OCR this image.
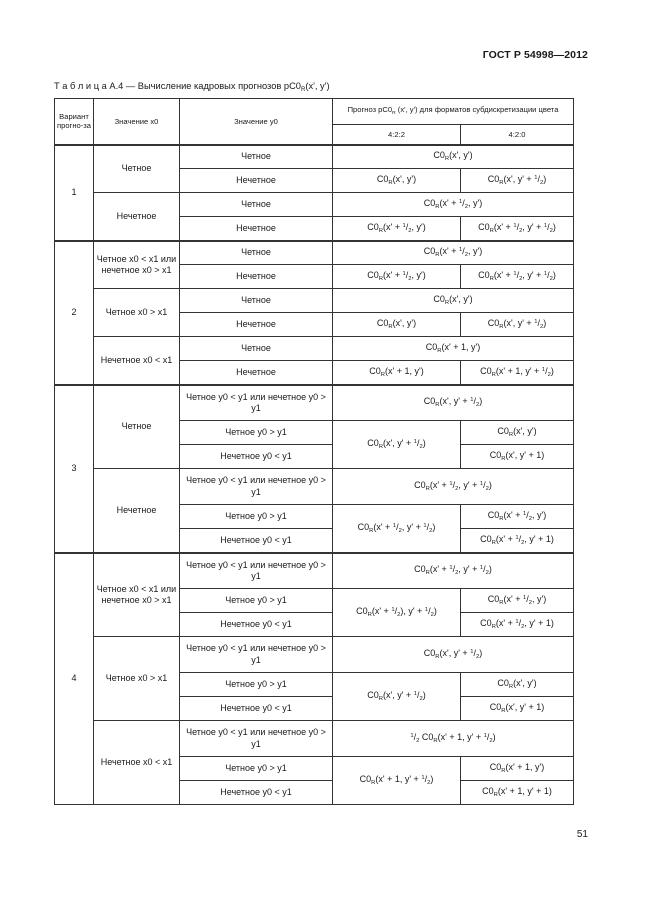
ГОСТ Р 54998—2012
Т а б л и ц а А.4 — Вычисление кадровых прогнозов $pC0_R(x'$, y')
Вариант прогно-за	Значение x0	Значение y0	Прогноз $pC0_R$ (x', y') для форматов субдискретизации цвета	
			4:2:2	4:2:0
1	Четное	Четное	$C0_R(x'$, y')	
		Нечетное	$C0_R(x'$, y')	$C0_R(x'$, $y' + ^1/_2$)
	Нечетное	Четное	$C0_R(x' + ^1/_2$, y')	
		Нечетное	$C0_R(x' + ^1/_2$, y')	$C0_R(x' + ^1/_2$, $y' + ^1/_2$)
2	Четное x0 < x1 или нечетное x0 > x1	Четное	$C0_R(x' + ^1/_2$, y')	
		Нечетное	$C0_R(x' + ^1/_2$, y')	$C0_R(x' + ^1/_2$, $y' + ^1/_2$)
	Четное x0 > x1	Четное	$C0_R(x'$, y')	
		Нечетное	$C0_R(x'$, y')	$C0_R(x'$, $y' + ^1/_2$)
	Нечетное x0 < x1	Четное	$C0_R(x' + 1$, y')	
		Нечетное	$C0_R(x' + 1$, y')	$C0_R(x' + 1$, $y' + ^1/_2$)
3	Четное	Четное y0 < y1 или нечетное y0 > y1	$C0_R(x'$, $y' + ^1/_2$)	
		Четное y0 > y1	$C0_R(x'$, $y' + ^1/_2$)	$C0_R(x'$, y')
		Нечетное y0 < y1		$C0_R(x'$, y' + 1)
	Нечетное	Четное y0 < y1 или нечетное y0 > y1	$C0_R(x' + ^1/_2$, $y' + ^1/_2$)	
		Четное y0 > y1	$C0_R(x' + ^1/_2$, $y' + ^1/_2$)	$C0_R(x' + ^1/_2$, y')
		Нечетное y0 < y1		$C0_R(x' + ^1/_2$, y' + 1)
4	Четное x0 < x1 или нечетное x0 > x1	Четное y0 < y1 или нечетное y0 > y1	$C0_R(x' + ^1/_2$, $y' + ^1/_2$)	
		Четное y0 > y1	$C0_R(x' + ^1/_2)$, $y' + ^1/_2$)	$C0_R(x' + ^1/_2$, y')
		Нечетное y0 < y1		$C0_R(x' + ^1/_2$, y' + 1)
	Четное x0 > x1	Четное y0 < y1 или нечетное y0 > y1	$C0_R(x'$, $y' + ^1/_2$)	
		Четное y0 > y1	$C0_R(x'$, $y' + ^1/_2$)	$C0_R(x'$, y')
		Нечетное y0 < y1		$C0_R(x'$, y' + 1)
	Нечетное x0 < x1	Четное y0 < y1 или нечетное y0 > y1	$^1/_2$ $C0_R(x' + 1$, $y' + ^1/_2$)	
		Четное y0 > y1	$C0_R(x' + 1$, $y' + ^1/_2$)	$C0_R(x' + 1$, y')
		Нечетное y0 < y1		$C0_R(x' + 1$, y' + 1)
51
